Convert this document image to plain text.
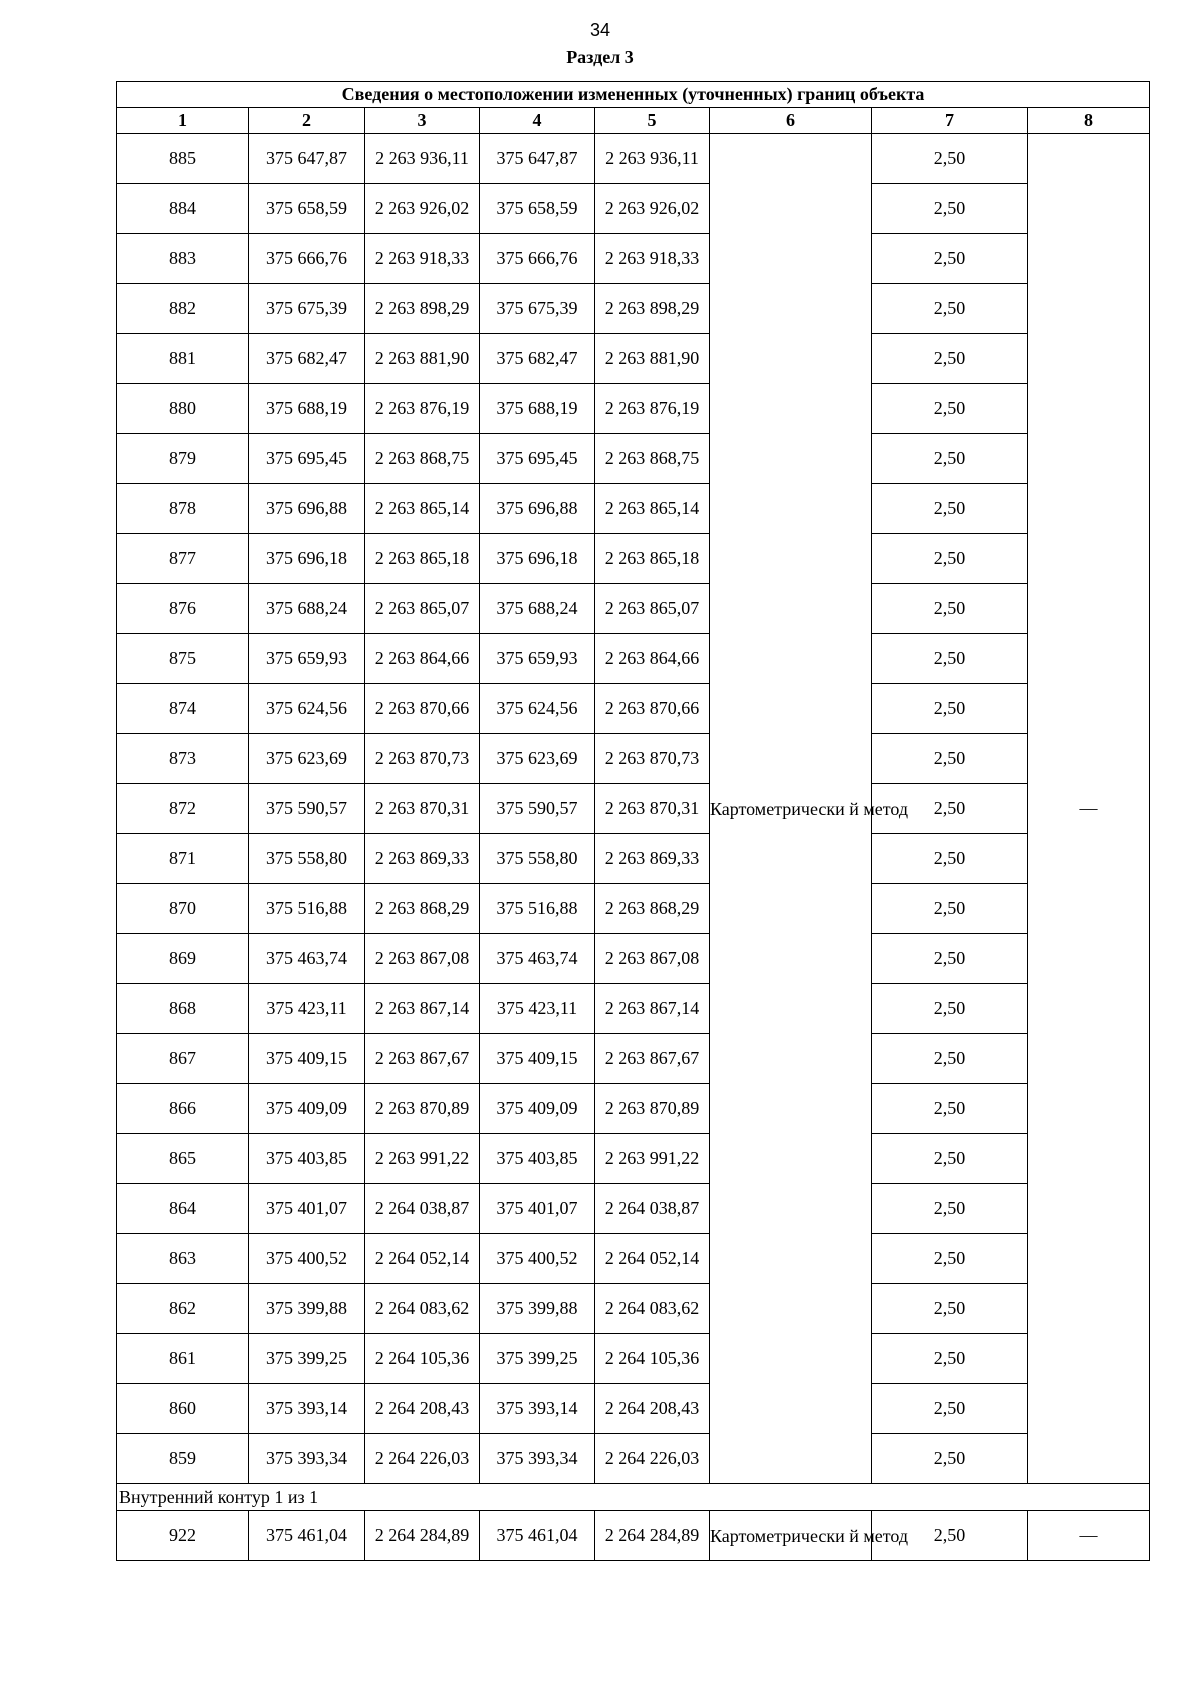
34
Раздел 3
Сведения о местоположении измененных (уточненных) границ объекта							
1	2	3	4	5	6	7	8
885	375 647,87	2 263 936,11	375 647,87	2 263 936,11	Картометрически й метод	2,50	—
884	375 658,59	2 263 926,02	375 658,59	2 263 926,02		2,50	
883	375 666,76	2 263 918,33	375 666,76	2 263 918,33		2,50	
882	375 675,39	2 263 898,29	375 675,39	2 263 898,29		2,50	
881	375 682,47	2 263 881,90	375 682,47	2 263 881,90		2,50	
880	375 688,19	2 263 876,19	375 688,19	2 263 876,19		2,50	
879	375 695,45	2 263 868,75	375 695,45	2 263 868,75		2,50	
878	375 696,88	2 263 865,14	375 696,88	2 263 865,14		2,50	
877	375 696,18	2 263 865,18	375 696,18	2 263 865,18		2,50	
876	375 688,24	2 263 865,07	375 688,24	2 263 865,07		2,50	
875	375 659,93	2 263 864,66	375 659,93	2 263 864,66		2,50	
874	375 624,56	2 263 870,66	375 624,56	2 263 870,66		2,50	
873	375 623,69	2 263 870,73	375 623,69	2 263 870,73		2,50	
872	375 590,57	2 263 870,31	375 590,57	2 263 870,31		2,50	
871	375 558,80	2 263 869,33	375 558,80	2 263 869,33		2,50	
870	375 516,88	2 263 868,29	375 516,88	2 263 868,29		2,50	
869	375 463,74	2 263 867,08	375 463,74	2 263 867,08		2,50	
868	375 423,11	2 263 867,14	375 423,11	2 263 867,14		2,50	
867	375 409,15	2 263 867,67	375 409,15	2 263 867,67		2,50	
866	375 409,09	2 263 870,89	375 409,09	2 263 870,89		2,50	
865	375 403,85	2 263 991,22	375 403,85	2 263 991,22		2,50	
864	375 401,07	2 264 038,87	375 401,07	2 264 038,87		2,50	
863	375 400,52	2 264 052,14	375 400,52	2 264 052,14		2,50	
862	375 399,88	2 264 083,62	375 399,88	2 264 083,62		2,50	
861	375 399,25	2 264 105,36	375 399,25	2 264 105,36		2,50	
860	375 393,14	2 264 208,43	375 393,14	2 264 208,43		2,50	
859	375 393,34	2 264 226,03	375 393,34	2 264 226,03		2,50	
Внутренний контур 1 из 1							
922	375 461,04	2 264 284,89	375 461,04	2 264 284,89	Картометрически й метод	2,50	—
